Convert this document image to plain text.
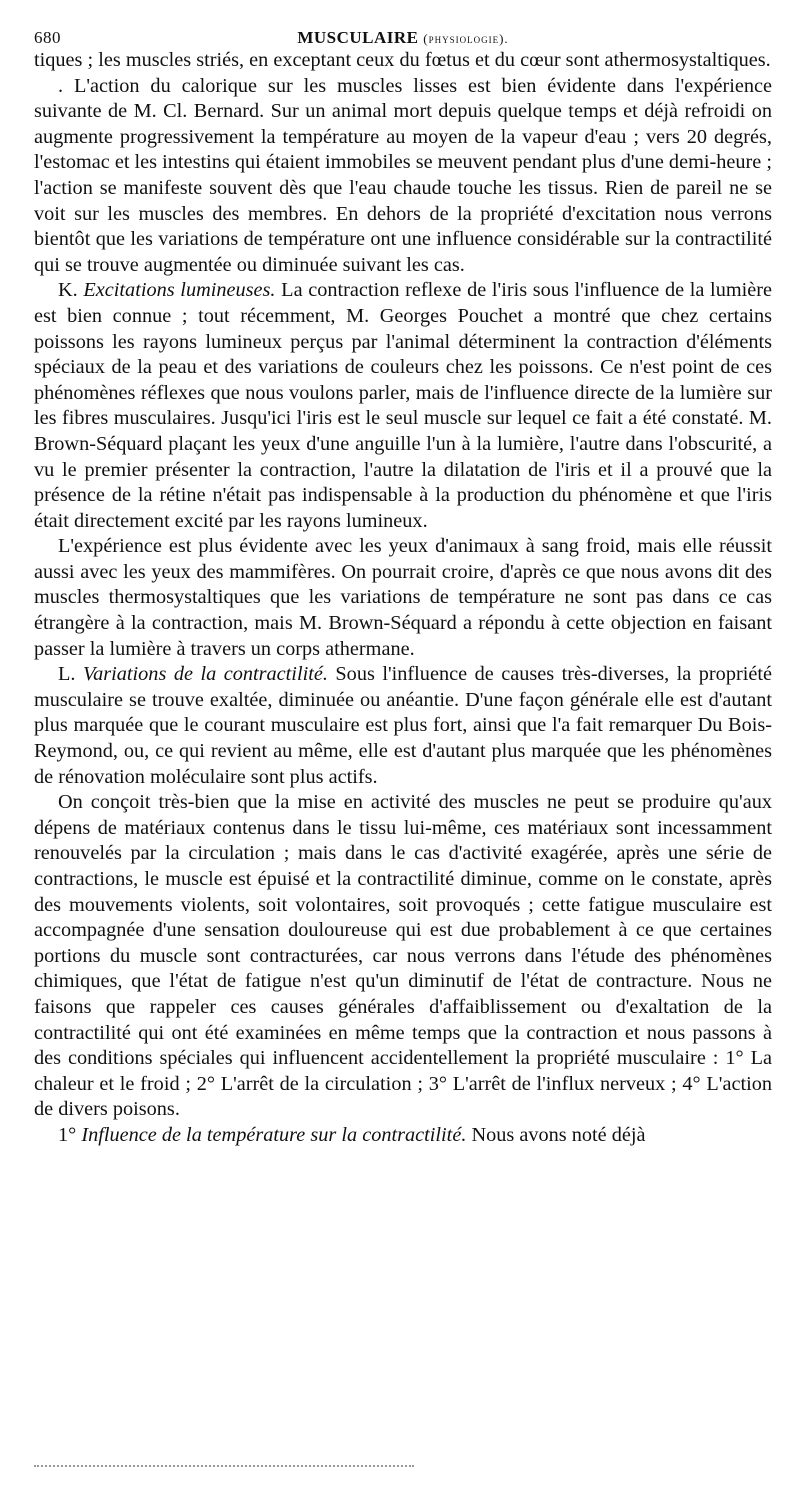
680	MUSCULAIRE (physiologie).

tiques ; les muscles striés, en exceptant ceux du fœtus et du cœur sont athermosystaltiques.

. L'action du calorique sur les muscles lisses est bien évidente dans l'expérience suivante de M. Cl. Bernard. Sur un animal mort depuis quelque temps et déjà refroidi on augmente progressivement la température au moyen de la vapeur d'eau ; vers 20 degrés, l'estomac et les intestins qui étaient immobiles se meuvent pendant plus d'une demi-heure ; l'action se manifeste souvent dès que l'eau chaude touche les tissus. Rien de pareil ne se voit sur les muscles des membres. En dehors de la propriété d'excitation nous verrons bientôt que les variations de température ont une influence considérable sur la contractilité qui se trouve augmentée ou diminuée suivant les cas.

K. Excitations lumineuses. La contraction reflexe de l'iris sous l'influence de la lumière est bien connue ; tout récemment, M. Georges Pouchet a montré que chez certains poissons les rayons lumineux perçus par l'animal déterminent la contraction d'éléments spéciaux de la peau et des variations de couleurs chez les poissons. Ce n'est point de ces phénomènes réflexes que nous voulons parler, mais de l'influence directe de la lumière sur les fibres musculaires. Jusqu'ici l'iris est le seul muscle sur lequel ce fait a été constaté. M. Brown-Séquard plaçant les yeux d'une anguille l'un à la lumière, l'autre dans l'obscurité, a vu le premier présenter la contraction, l'autre la dilatation de l'iris et il a prouvé que la présence de la rétine n'était pas indispensable à la production du phénomène et que l'iris était directement excité par les rayons lumineux.

L'expérience est plus évidente avec les yeux d'animaux à sang froid, mais elle réussit aussi avec les yeux des mammifères. On pourrait croire, d'après ce que nous avons dit des muscles thermosystaltiques que les variations de température ne sont pas dans ce cas étrangère à la contraction, mais M. Brown-Séquard a répondu à cette objection en faisant passer la lumière à travers un corps athermane.

L. Variations de la contractilité. Sous l'influence de causes très-diverses, la propriété musculaire se trouve exaltée, diminuée ou anéantie. D'une façon générale elle est d'autant plus marquée que le courant musculaire est plus fort, ainsi que l'a fait remarquer Du Bois-Reymond, ou, ce qui revient au même, elle est d'autant plus marquée que les phénomènes de rénovation moléculaire sont plus actifs.

On conçoit très-bien que la mise en activité des muscles ne peut se produire qu'aux dépens de matériaux contenus dans le tissu lui-même, ces matériaux sont incessamment renouvelés par la circulation ; mais dans le cas d'activité exagérée, après une série de contractions, le muscle est épuisé et la contractilité diminue, comme on le constate, après des mouvements violents, soit volontaires, soit provoqués ; cette fatigue musculaire est accompagnée d'une sensation douloureuse qui est due probablement à ce que certaines portions du muscle sont contracturées, car nous verrons dans l'étude des phénomènes chimiques, que l'état de fatigue n'est qu'un diminutif de l'état de contracture. Nous ne faisons que rappeler ces causes générales d'affaiblissement ou d'exaltation de la contractilité qui ont été examinées en même temps que la contraction et nous passons à des conditions spéciales qui influencent accidentellement la propriété musculaire : 1° La chaleur et le froid ; 2° L'arrêt de la circulation ; 3° L'arrêt de l'influx nerveux ; 4° L'action de divers poisons.

1° Influence de la température sur la contractilité. Nous avons noté déjà
